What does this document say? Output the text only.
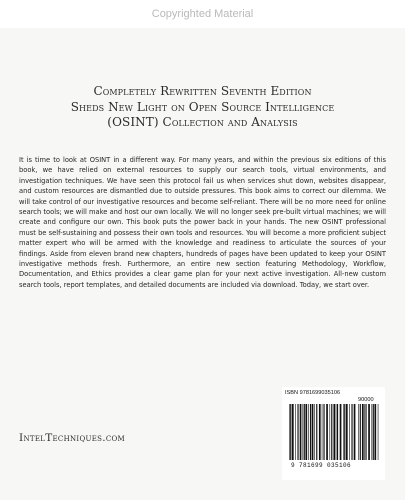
Copyrighted Material
Completely Rewritten Seventh Edition
Sheds New Light on Open Source Intelligence
(OSINT) Collection and Analysis
It is time to look at OSINT in a different way. For many years, and within the previous six editions of this book, we have relied on external resources to supply our search tools, virtual environments, and investigation techniques. We have seen this protocol fail us when services shut down, websites disappear, and custom resources are dismantled due to outside pressures. This book aims to correct our dilemma. We will take control of our investigative resources and become self-reliant. There will be no more need for online search tools; we will make and host our own locally. We will no longer seek pre-built virtual machines; we will create and configure our own. This book puts the power back in your hands. The new OSINT professional must be self-sustaining and possess their own tools and resources. You will become a more proficient subject matter expert who will be armed with the knowledge and readiness to articulate the sources of your findings. Aside from eleven brand new chapters, hundreds of pages have been updated to keep your OSINT investigative methods fresh. Furthermore, an entire new section featuring Methodology, Workflow, Documentation, and Ethics provides a clear game plan for your next active investigation. All-new custom search tools, report templates, and detailed documents are included via download. Today, we start over.
IntelTechniques.com
ISBN 9781699035106
90000
9 781699 035106
